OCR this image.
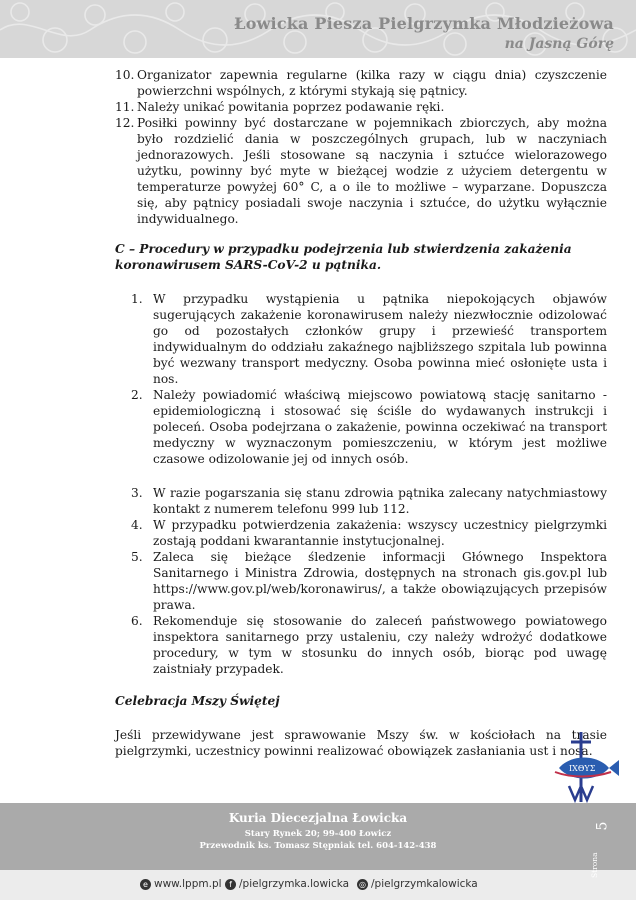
Łowicka Piesza Pielgrzymka Młodzieżowa
na Jasną Górę
10. Organizator zapewnia regularne (kilka razy w ciągu dnia) czyszczenie powierzchni wspólnych, z którymi stykają się pątnicy.
11. Należy unikać powitania poprzez podawanie ręki.
12. Posiłki powinny być dostarczane w pojemnikach zbiorczych, aby można było rozdzielić dania w poszczególnych grupach, lub w naczyniach jednorazowych. Jeśli stosowane są naczynia i sztućce wielorazowego użytku, powinny być myte w bieżącej wodzie z użyciem detergentu w temperaturze powyżej 60° C, a o ile to możliwe – wyparzane. Dopuszcza się, aby pątnicy posiadali swoje naczynia i sztućce, do użytku wyłącznie indywidualnego.
C – Procedury w przypadku podejrzenia lub stwierdzenia zakażenia koronawirusem SARS-CoV-2 u pątnika.
1. W przypadku wystąpienia u pątnika niepokojących objawów sugerujących zakażenie koronawirusem należy niezwłocznie odizolować go od pozostałych członków grupy i przewieść transportem indywidualnym do oddziału zakaźnego najbliższego szpitala lub powinna być wezwany transport medyczny. Osoba powinna mieć osłonięte usta i nos.
2. Należy powiadomić właściwą miejscowo powiatową stację sanitarno -epidemiologiczną i stosować się ściśle do wydawanych instrukcji i poleceń. Osoba podejrzana o zakażenie, powinna oczekiwać na transport medyczny w wyznaczonym pomieszczeniu, w którym jest możliwe czasowe odizolowanie jej od innych osób.
3. W razie pogarszania się stanu zdrowia pątnika zalecany natychmiastowy kontakt z numerem telefonu 999 lub 112.
4. W przypadku potwierdzenia zakażenia: wszyscy uczestnicy pielgrzymki zostają poddani kwarantannie instytucjonalnej.
5. Zaleca się bieżące śledzenie informacji Głównego Inspektora Sanitarnego i Ministra Zdrowia, dostępnych na stronach gis.gov.pl lub https://www.gov.pl/web/koronawirus/, a także obowiązujących przepisów prawa.
6. Rekomenduje się stosowanie do zaleceń państwowego powiatowego inspektora sanitarnego przy ustaleniu, czy należy wdrożyć dodatkowe procedury, w tym w stosunku do innych osób, biorąc pod uwagę zaistniały przypadek.
Celebracja Mszy Świętej

Jeśli przewidywane jest sprawowanie Mszy św. w kościołach na trasie pielgrzymki, uczestnicy powinni realizować obowiązek zasłaniania ust i nosa.

ΙΧΘΥΣ
Kuria Diecezjalna Łowicka
Stary Rynek 20; 99-400 Łowicz
Przewodnik ks. Tomasz Stępniak tel. 604-142-438
e www.lppm.pl f /pielgrzymka.lowicka ◎ /pielgrzymkalowicka
5
Strona
